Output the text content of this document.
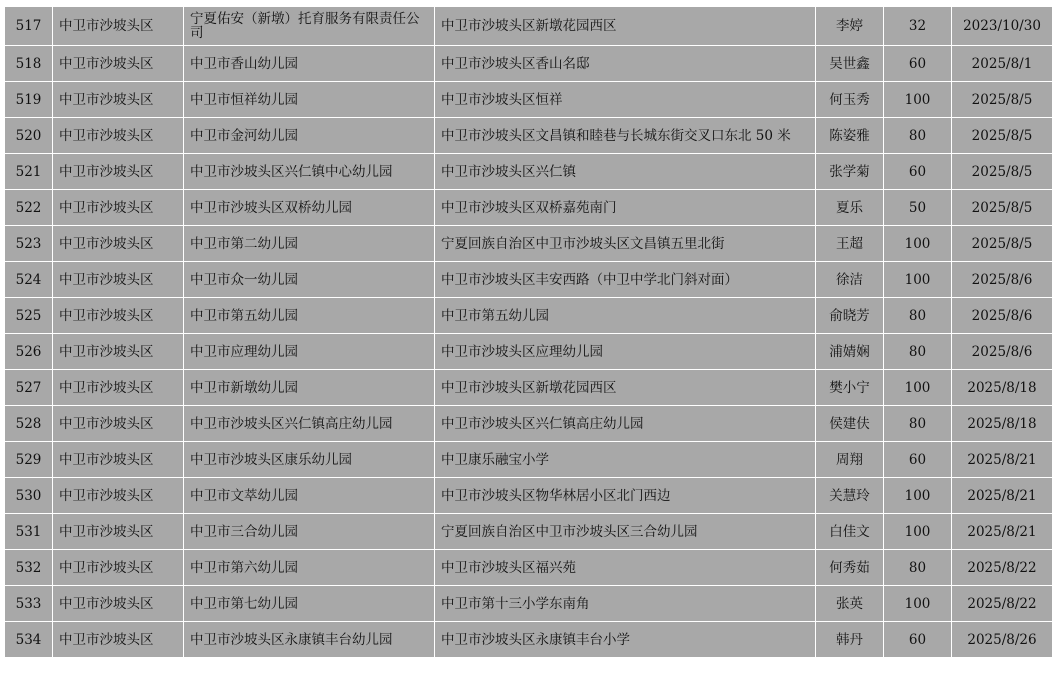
517	中卫市沙坡头区	宁夏佑安（新墩）托育服务有限责任公司	中卫市沙坡头区新墩花园西区	李婷	32	2023/10/30
518	中卫市沙坡头区	中卫市香山幼儿园	中卫市沙坡头区香山名邸	吴世鑫	60	2025/8/1
519	中卫市沙坡头区	中卫市恒祥幼儿园	中卫市沙坡头区恒祥	何玉秀	100	2025/8/5
520	中卫市沙坡头区	中卫市金河幼儿园	中卫市沙坡头区文昌镇和睦巷与长城东街交叉口东北 50 米	陈姿雅	80	2025/8/5
521	中卫市沙坡头区	中卫市沙坡头区兴仁镇中心幼儿园	中卫市沙坡头区兴仁镇	张学菊	60	2025/8/5
522	中卫市沙坡头区	中卫市沙坡头区双桥幼儿园	中卫市沙坡头区双桥嘉苑南门	夏乐	50	2025/8/5
523	中卫市沙坡头区	中卫市第二幼儿园	宁夏回族自治区中卫市沙坡头区文昌镇五里北街	王超	100	2025/8/5
524	中卫市沙坡头区	中卫市众一幼儿园	中卫市沙坡头区丰安西路（中卫中学北门斜对面）	徐洁	100	2025/8/6
525	中卫市沙坡头区	中卫市第五幼儿园	中卫市第五幼儿园	俞晓芳	80	2025/8/6
526	中卫市沙坡头区	中卫市应理幼儿园	中卫市沙坡头区应理幼儿园	浦婧娴	80	2025/8/6
527	中卫市沙坡头区	中卫市新墩幼儿园	中卫市沙坡头区新墩花园西区	樊小宁	100	2025/8/18
528	中卫市沙坡头区	中卫市沙坡头区兴仁镇高庄幼儿园	中卫市沙坡头区兴仁镇高庄幼儿园	侯建伕	80	2025/8/18
529	中卫市沙坡头区	中卫市沙坡头区康乐幼儿园	中卫康乐融宝小学	周翔	60	2025/8/21
530	中卫市沙坡头区	中卫市文萃幼儿园	中卫市沙坡头区物华林居小区北门西边	关慧玲	100	2025/8/21
531	中卫市沙坡头区	中卫市三合幼儿园	宁夏回族自治区中卫市沙坡头区三合幼儿园	白佳文	100	2025/8/21
532	中卫市沙坡头区	中卫市第六幼儿园	中卫市沙坡头区福兴苑	何秀茹	80	2025/8/22
533	中卫市沙坡头区	中卫市第七幼儿园	中卫市第十三小学东南角	张英	100	2025/8/22
534	中卫市沙坡头区	中卫市沙坡头区永康镇丰台幼儿园	中卫市沙坡头区永康镇丰台小学	韩丹	60	2025/8/26
